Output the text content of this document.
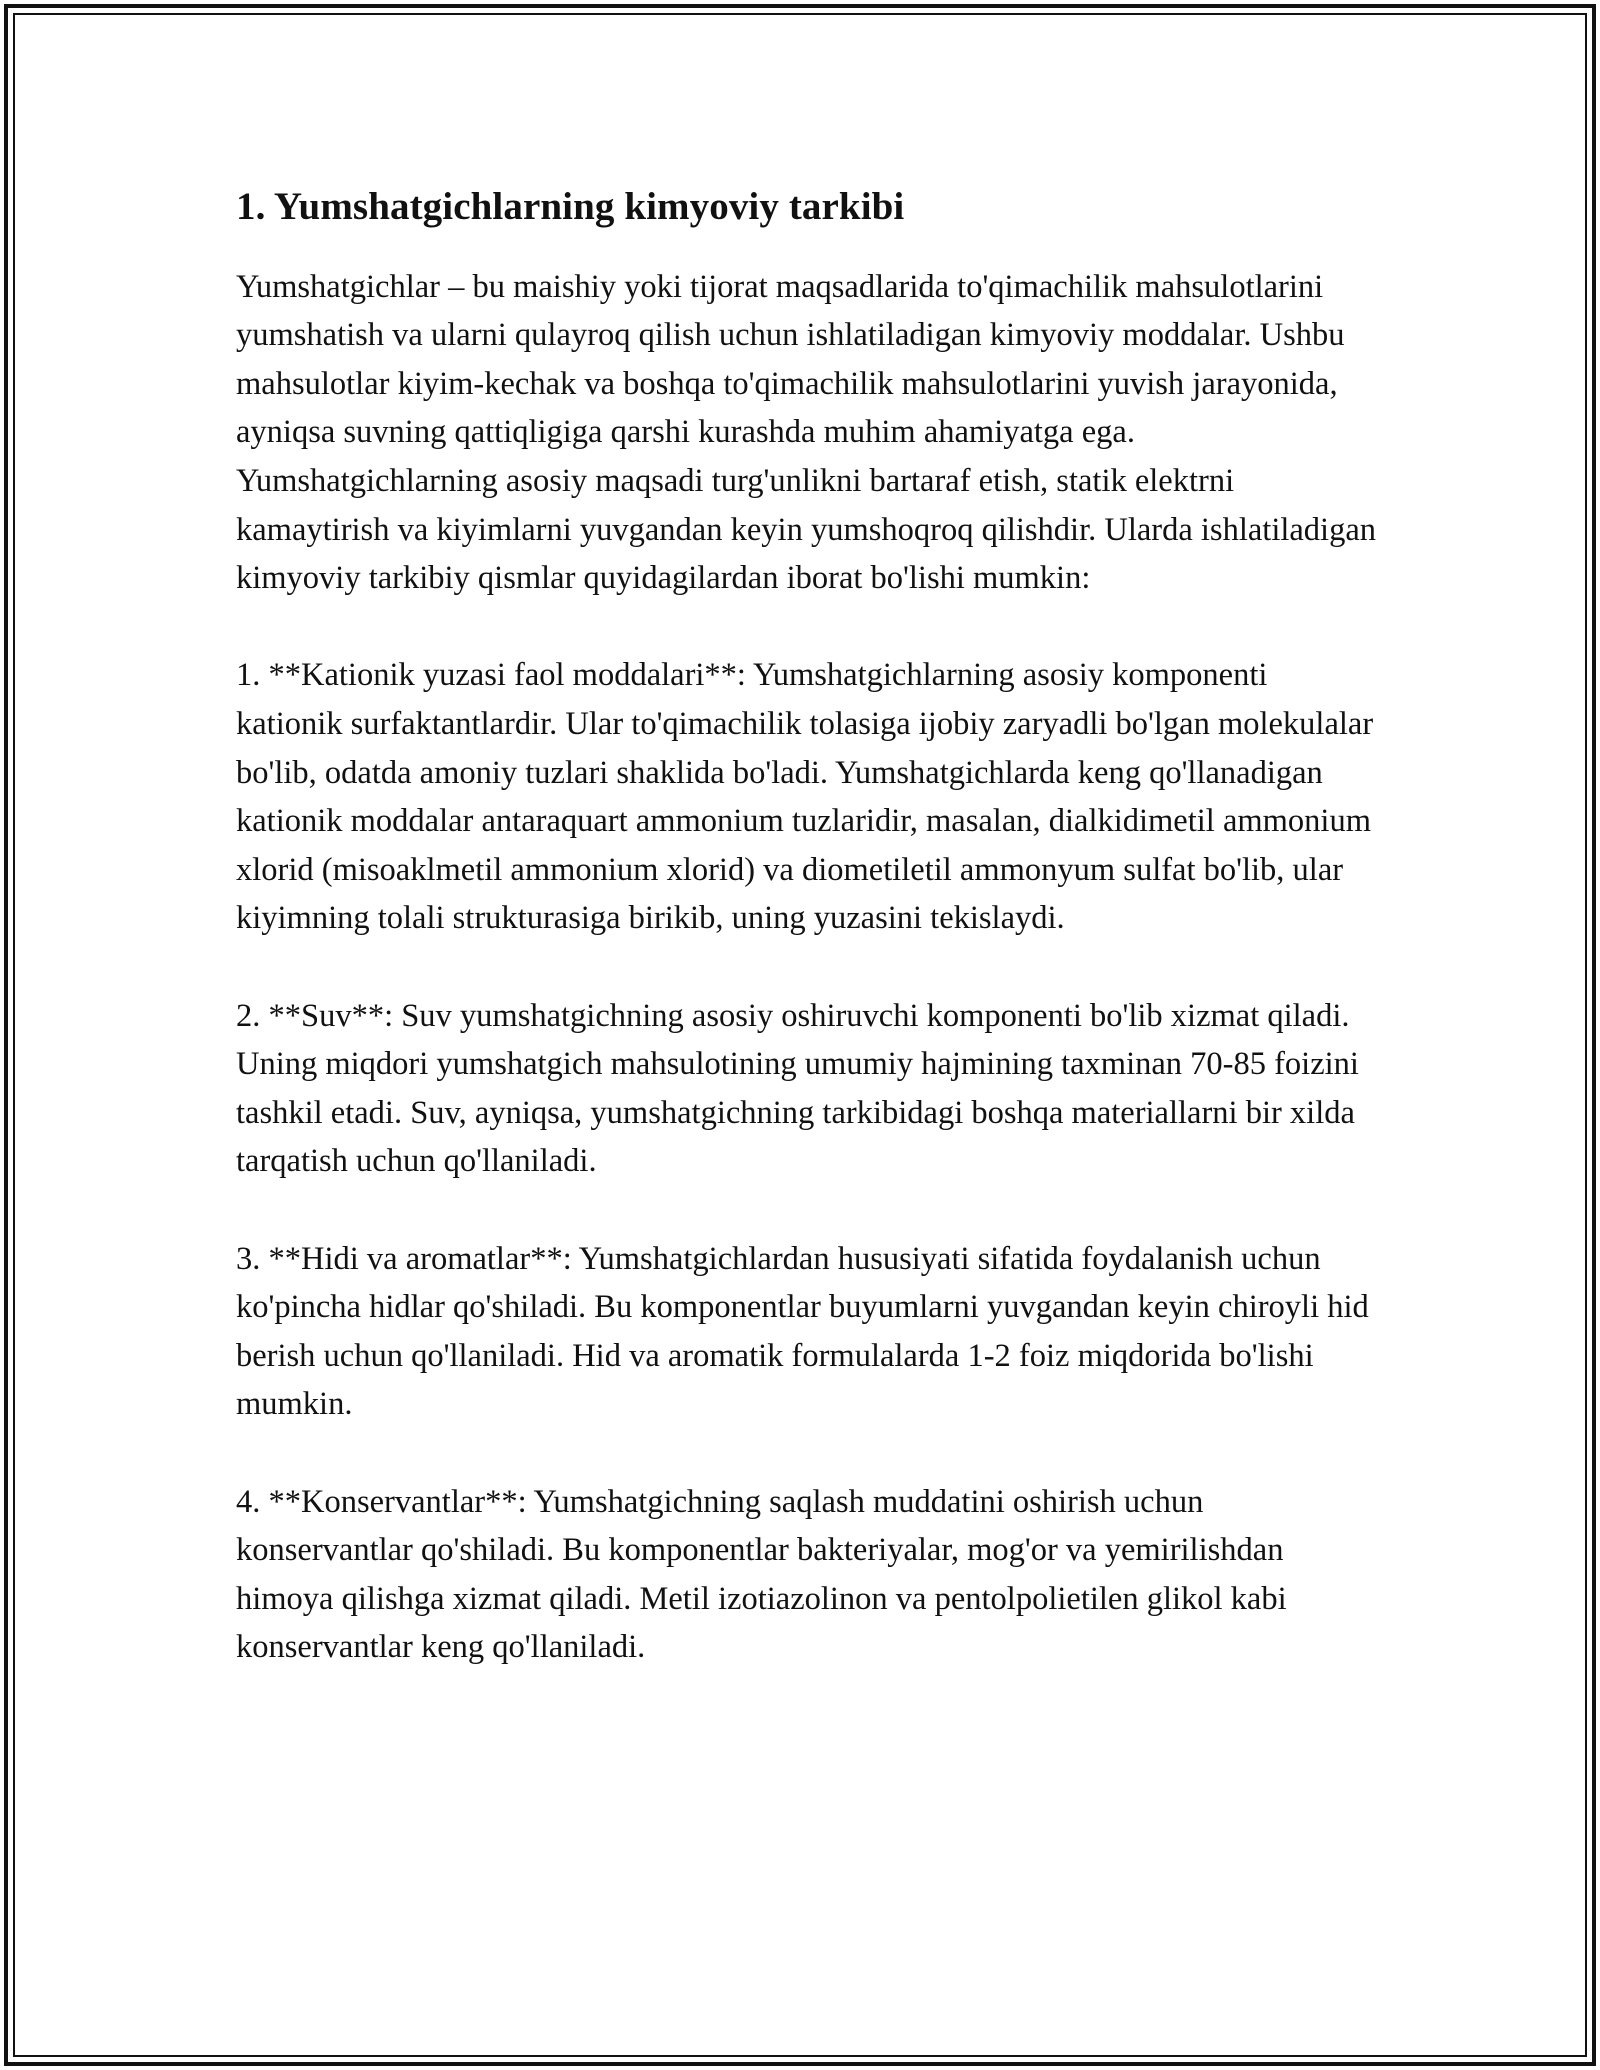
1. Yumshatgichlarning kimyoviy tarkibi

Yumshatgichlar – bu maishiy yoki tijorat maqsadlarida to'qimachilik mahsulotlarini yumshatish va ularni qulayroq qilish uchun ishlatiladigan kimyoviy moddalar. Ushbu mahsulotlar kiyim-kechak va boshqa to'qimachilik mahsulotlarini yuvish jarayonida, ayniqsa suvning qattiqligiga qarshi kurashda muhim ahamiyatga ega. Yumshatgichlarning asosiy maqsadi turg'unlikni bartaraf etish, statik elektrni kamaytirish va kiyimlarni yuvgandan keyin yumshoqroq qilishdir. Ularda ishlatiladigan kimyoviy tarkibiy qismlar quyidagilardan iborat bo'lishi mumkin:

1. **Kationik yuzasi faol moddalari**: Yumshatgichlarning asosiy komponenti kationik surfaktantlardir. Ular to'qimachilik tolasiga ijobiy zaryadli bo'lgan molekulalar bo'lib, odatda amoniy tuzlari shaklida bo'ladi. Yumshatgichlarda keng qo'llanadigan kationik moddalar antaraquart ammonium tuzlaridir, masalan, dialkidimetil ammonium xlorid (misoaklmetil ammonium xlorid) va diometiletil ammonyum sulfat bo'lib, ular kiyimning tolali strukturasiga birikib, uning yuzasini tekislaydi.

2. **Suv**: Suv yumshatgichning asosiy oshiruvchi komponenti bo'lib xizmat qiladi. Uning miqdori yumshatgich mahsulotining umumiy hajmining taxminan 70-85 foizini tashkil etadi. Suv, ayniqsa, yumshatgichning tarkibidagi boshqa materiallarni bir xilda tarqatish uchun qo'llaniladi.

3. **Hidi va aromatlar**: Yumshatgichlardan hususiyati sifatida foydalanish uchun ko'pincha hidlar qo'shiladi. Bu komponentlar buyumlarni yuvgandan keyin chiroyli hid berish uchun qo'llaniladi. Hid va aromatik formulalarda 1-2 foiz miqdorida bo'lishi mumkin.

4. **Konservantlar**: Yumshatgichning saqlash muddatini oshirish uchun konservantlar qo'shiladi. Bu komponentlar bakteriyalar, mog'or va yemirilishdan himoya qilishga xizmat qiladi. Metil izotiazolinon va pentolpolietilen glikol kabi konservantlar keng qo'llaniladi.
